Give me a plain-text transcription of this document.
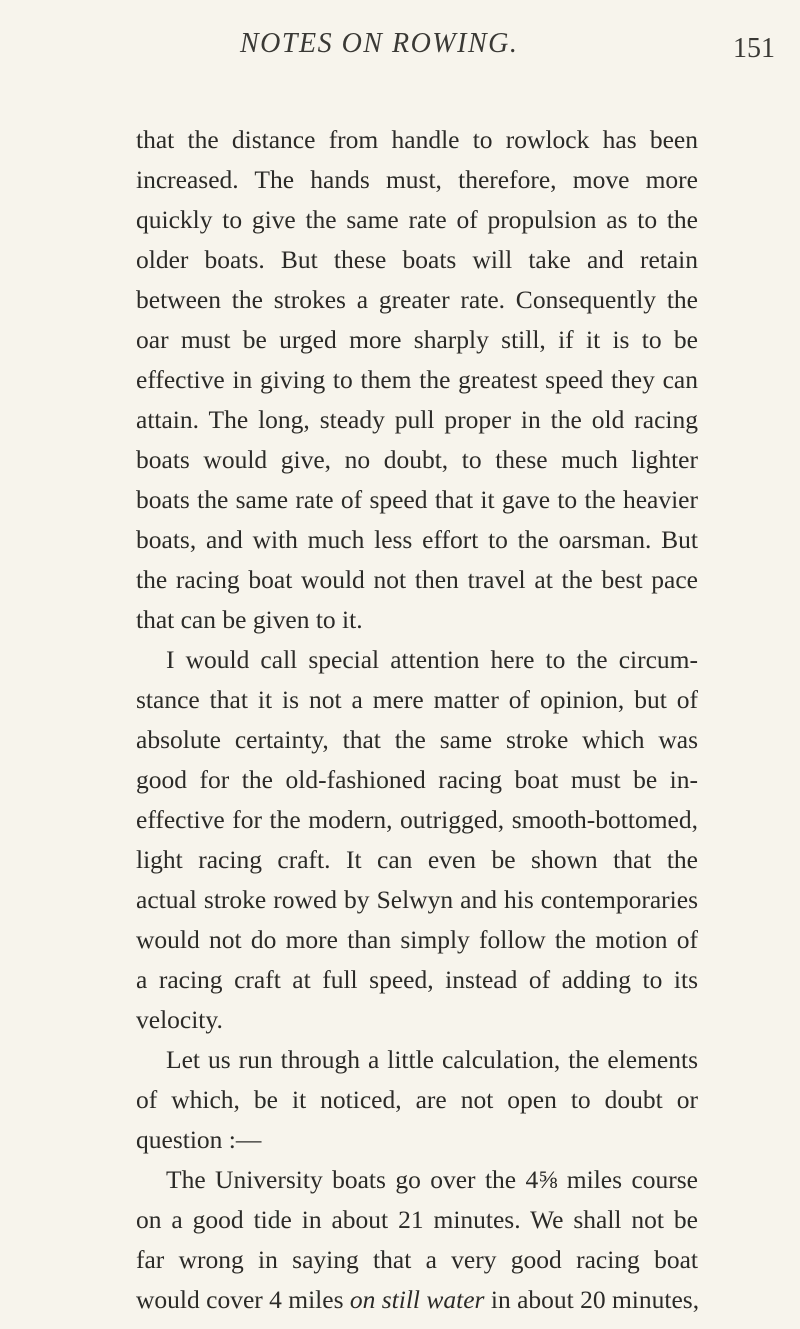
NOTES ON ROWING.	151
that the distance from handle to rowlock has been
increased. The hands must, therefore, move more
quickly to give the same rate of propulsion as to the
older boats. But these boats will take and retain
between the strokes a greater rate. Consequently the
oar must be urged more sharply still, if it is to be
effective in giving to them the greatest speed they can
attain. The long, steady pull proper in the old racing
boats would give, no doubt, to these much lighter
boats the same rate of speed that it gave to the heavier
boats, and with much less effort to the oarsman. But
the racing boat would not then travel at the best pace
that can be given to it.
I would call special attention here to the circum-
stance that it is not a mere matter of opinion, but of
absolute certainty, that the same stroke which was
good for the old-fashioned racing boat must be in-
effective for the modern, outrigged, smooth-bottomed,
light racing craft. It can even be shown that the
actual stroke rowed by Selwyn and his contemporaries
would not do more than simply follow the motion of
a racing craft at full speed, instead of adding to its
velocity.
Let us run through a little calculation, the elements
of which, be it noticed, are not open to doubt or
question :—
The University boats go over the 4⅝ miles course
on a good tide in about 21 minutes. We shall not be
far wrong in saying that a very good racing boat
would cover 4 miles on still water in about 20 minutes,
